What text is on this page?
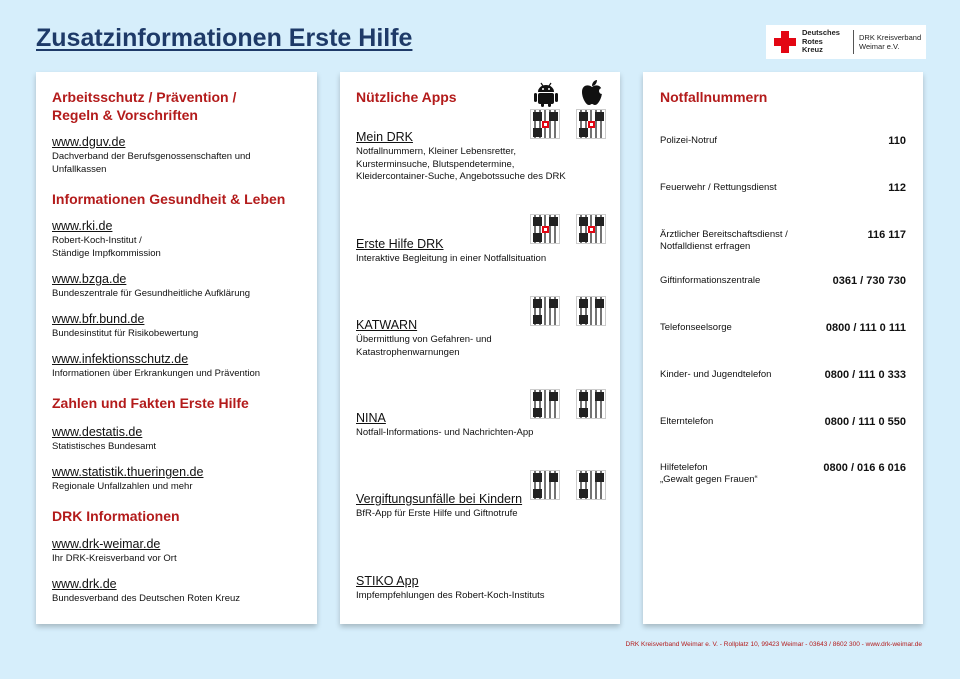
Zusatzinformationen Erste Hilfe	Deutsches
Rotes
Kreuz
DRK Kreisverband
Weimar e.V.
Arbeitsschutz / Prävention /
Regeln & Vorschriften
www.dguv.de
Dachverband der Berufsgenossenschaften und
Unfallkassen
Informationen Gesundheit & Leben
www.rki.de
Robert-Koch-Institut /
Ständige Impfkommission
www.bzga.de
Bundeszentrale für Gesundheitliche Aufklärung
www.bfr.bund.de
Bundesinstitut für Risikobewertung
www.infektionsschutz.de
Informationen über Erkrankungen und Prävention
Zahlen und Fakten Erste Hilfe
www.destatis.de
Statistisches Bundesamt
www.statistik.thueringen.de
Regionale Unfallzahlen und mehr
DRK Informationen
www.drk-weimar.de
Ihr DRK-Kreisverband vor Ort
www.drk.de
Bundesverband des Deutschen Roten Kreuz
Nützliche Apps
Mein DRK
Notfallnummern, Kleiner Lebensretter,
Kursterminsuche, Blutspendetermine,
Kleidercontainer-Suche, Angebotssuche des DRK
Erste Hilfe DRK
Interaktive Begleitung in einer Notfallsituation
KATWARN
Übermittlung von Gefahren- und
Katastrophenwarnungen
NINA
Notfall-Informations- und Nachrichten-App
Vergiftungsunfälle bei Kindern
BfR-App für Erste Hilfe und Giftnotrufe
STIKO App
Impfempfehlungen des Robert-Koch-Instituts
Notfallnummern
Polizei-Notruf	110
Feuerwehr / Rettungsdienst	112
Ärztlicher Bereitschaftsdienst /
Notfalldienst erfragen
116 117
Giftinformationszentrale	0361 / 730 730
Telefonseelsorge	0800 / 111 0 111
Kinder- und Jugendtelefon	0800 / 111 0 333
Elterntelefon	0800 / 111 0 550
Hilfetelefon
„Gewalt gegen Frauen“
0800 / 016 6 016
DRK Kreisverband Weimar e. V. - Rollplatz 10, 99423 Weimar - 03643 / 8602 300 - www.drk-weimar.de
